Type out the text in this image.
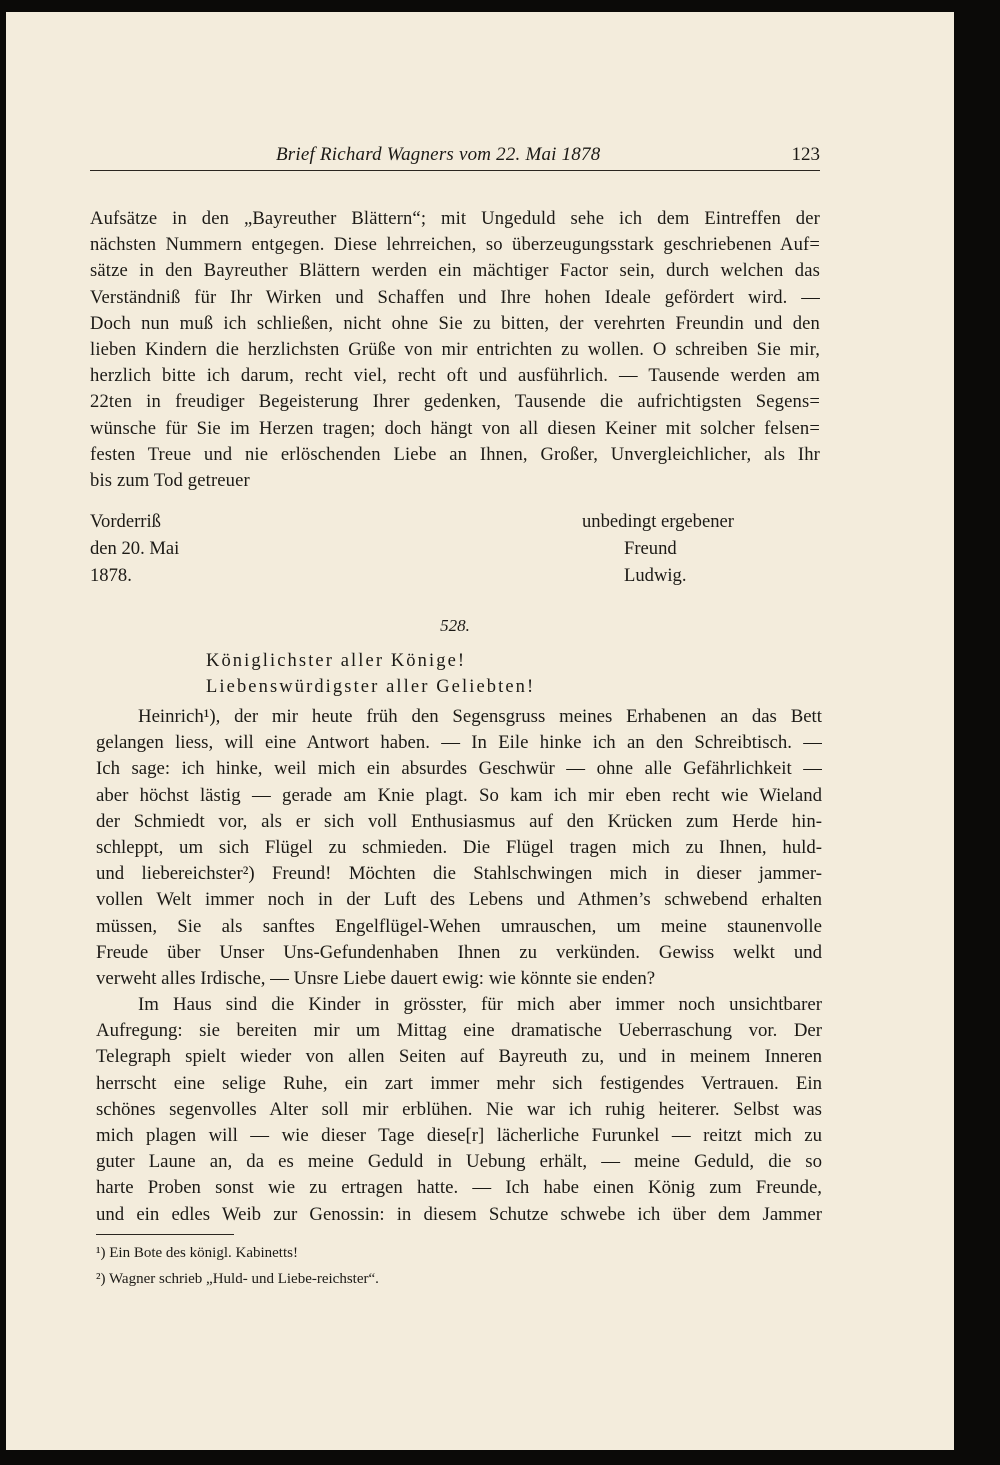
Brief Richard Wagners vom 22. Mai 1878	123
Aufsätze in den „Bayreuther Blättern“; mit Ungeduld sehe ich dem Eintreffen der
nächsten Nummern entgegen. Diese lehrreichen, so überzeugungsstark geschriebenen Auf=
sätze in den Bayreuther Blättern werden ein mächtiger Factor sein, durch welchen das
Verständniß für Ihr Wirken und Schaffen und Ihre hohen Ideale gefördert wird. —
Doch nun muß ich schließen, nicht ohne Sie zu bitten, der verehrten Freundin und den
lieben Kindern die herzlichsten Grüße von mir entrichten zu wollen. O schreiben Sie mir,
herzlich bitte ich darum, recht viel, recht oft und ausführlich. — Tausende werden am
22ten in freudiger Begeisterung Ihrer gedenken, Tausende die aufrichtigsten Segens=
wünsche für Sie im Herzen tragen; doch hängt von all diesen Keiner mit solcher felsen=
festen Treue und nie erlöschenden Liebe an Ihnen, Großer, Unvergleichlicher, als Ihr
bis zum Tod getreuer
Vorderriß
den 20. Mai
1878.
unbedingt ergebener
Freund
Ludwig.
528.
Königlichster aller Könige!
Liebenswürdigster aller Geliebten!
Heinrich¹), der mir heute früh den Segensgruss meines Erhabenen an das Bett
gelangen liess, will eine Antwort haben. — In Eile hinke ich an den Schreibtisch. —
Ich sage: ich hinke, weil mich ein absurdes Geschwür — ohne alle Gefährlichkeit —
aber höchst lästig — gerade am Knie plagt. So kam ich mir eben recht wie Wieland
der Schmiedt vor, als er sich voll Enthusiasmus auf den Krücken zum Herde hin-
schleppt, um sich Flügel zu schmieden. Die Flügel tragen mich zu Ihnen, huld-
und liebereichster²) Freund! Möchten die Stahlschwingen mich in dieser jammer-
vollen Welt immer noch in der Luft des Lebens und Athmen’s schwebend erhalten
müssen, Sie als sanftes Engelflügel-Wehen umrauschen, um meine staunenvolle
Freude über Unser Uns-Gefundenhaben Ihnen zu verkünden. Gewiss welkt und
verweht alles Irdische, — Unsre Liebe dauert ewig: wie könnte sie enden?
Im Haus sind die Kinder in grösster, für mich aber immer noch unsichtbarer
Aufregung: sie bereiten mir um Mittag eine dramatische Ueberraschung vor. Der
Telegraph spielt wieder von allen Seiten auf Bayreuth zu, und in meinem Inneren
herrscht eine selige Ruhe, ein zart immer mehr sich festigendes Vertrauen. Ein
schönes segenvolles Alter soll mir erblühen. Nie war ich ruhig heiterer. Selbst was
mich plagen will — wie dieser Tage diese[r] lächerliche Furunkel — reitzt mich zu
guter Laune an, da es meine Geduld in Uebung erhält, — meine Geduld, die so
harte Proben sonst wie zu ertragen hatte. — Ich habe einen König zum Freunde,
und ein edles Weib zur Genossin: in diesem Schutze schwebe ich über dem Jammer
¹) Ein Bote des königl. Kabinetts!
²) Wagner schrieb „Huld- und Liebe-reichster“.
